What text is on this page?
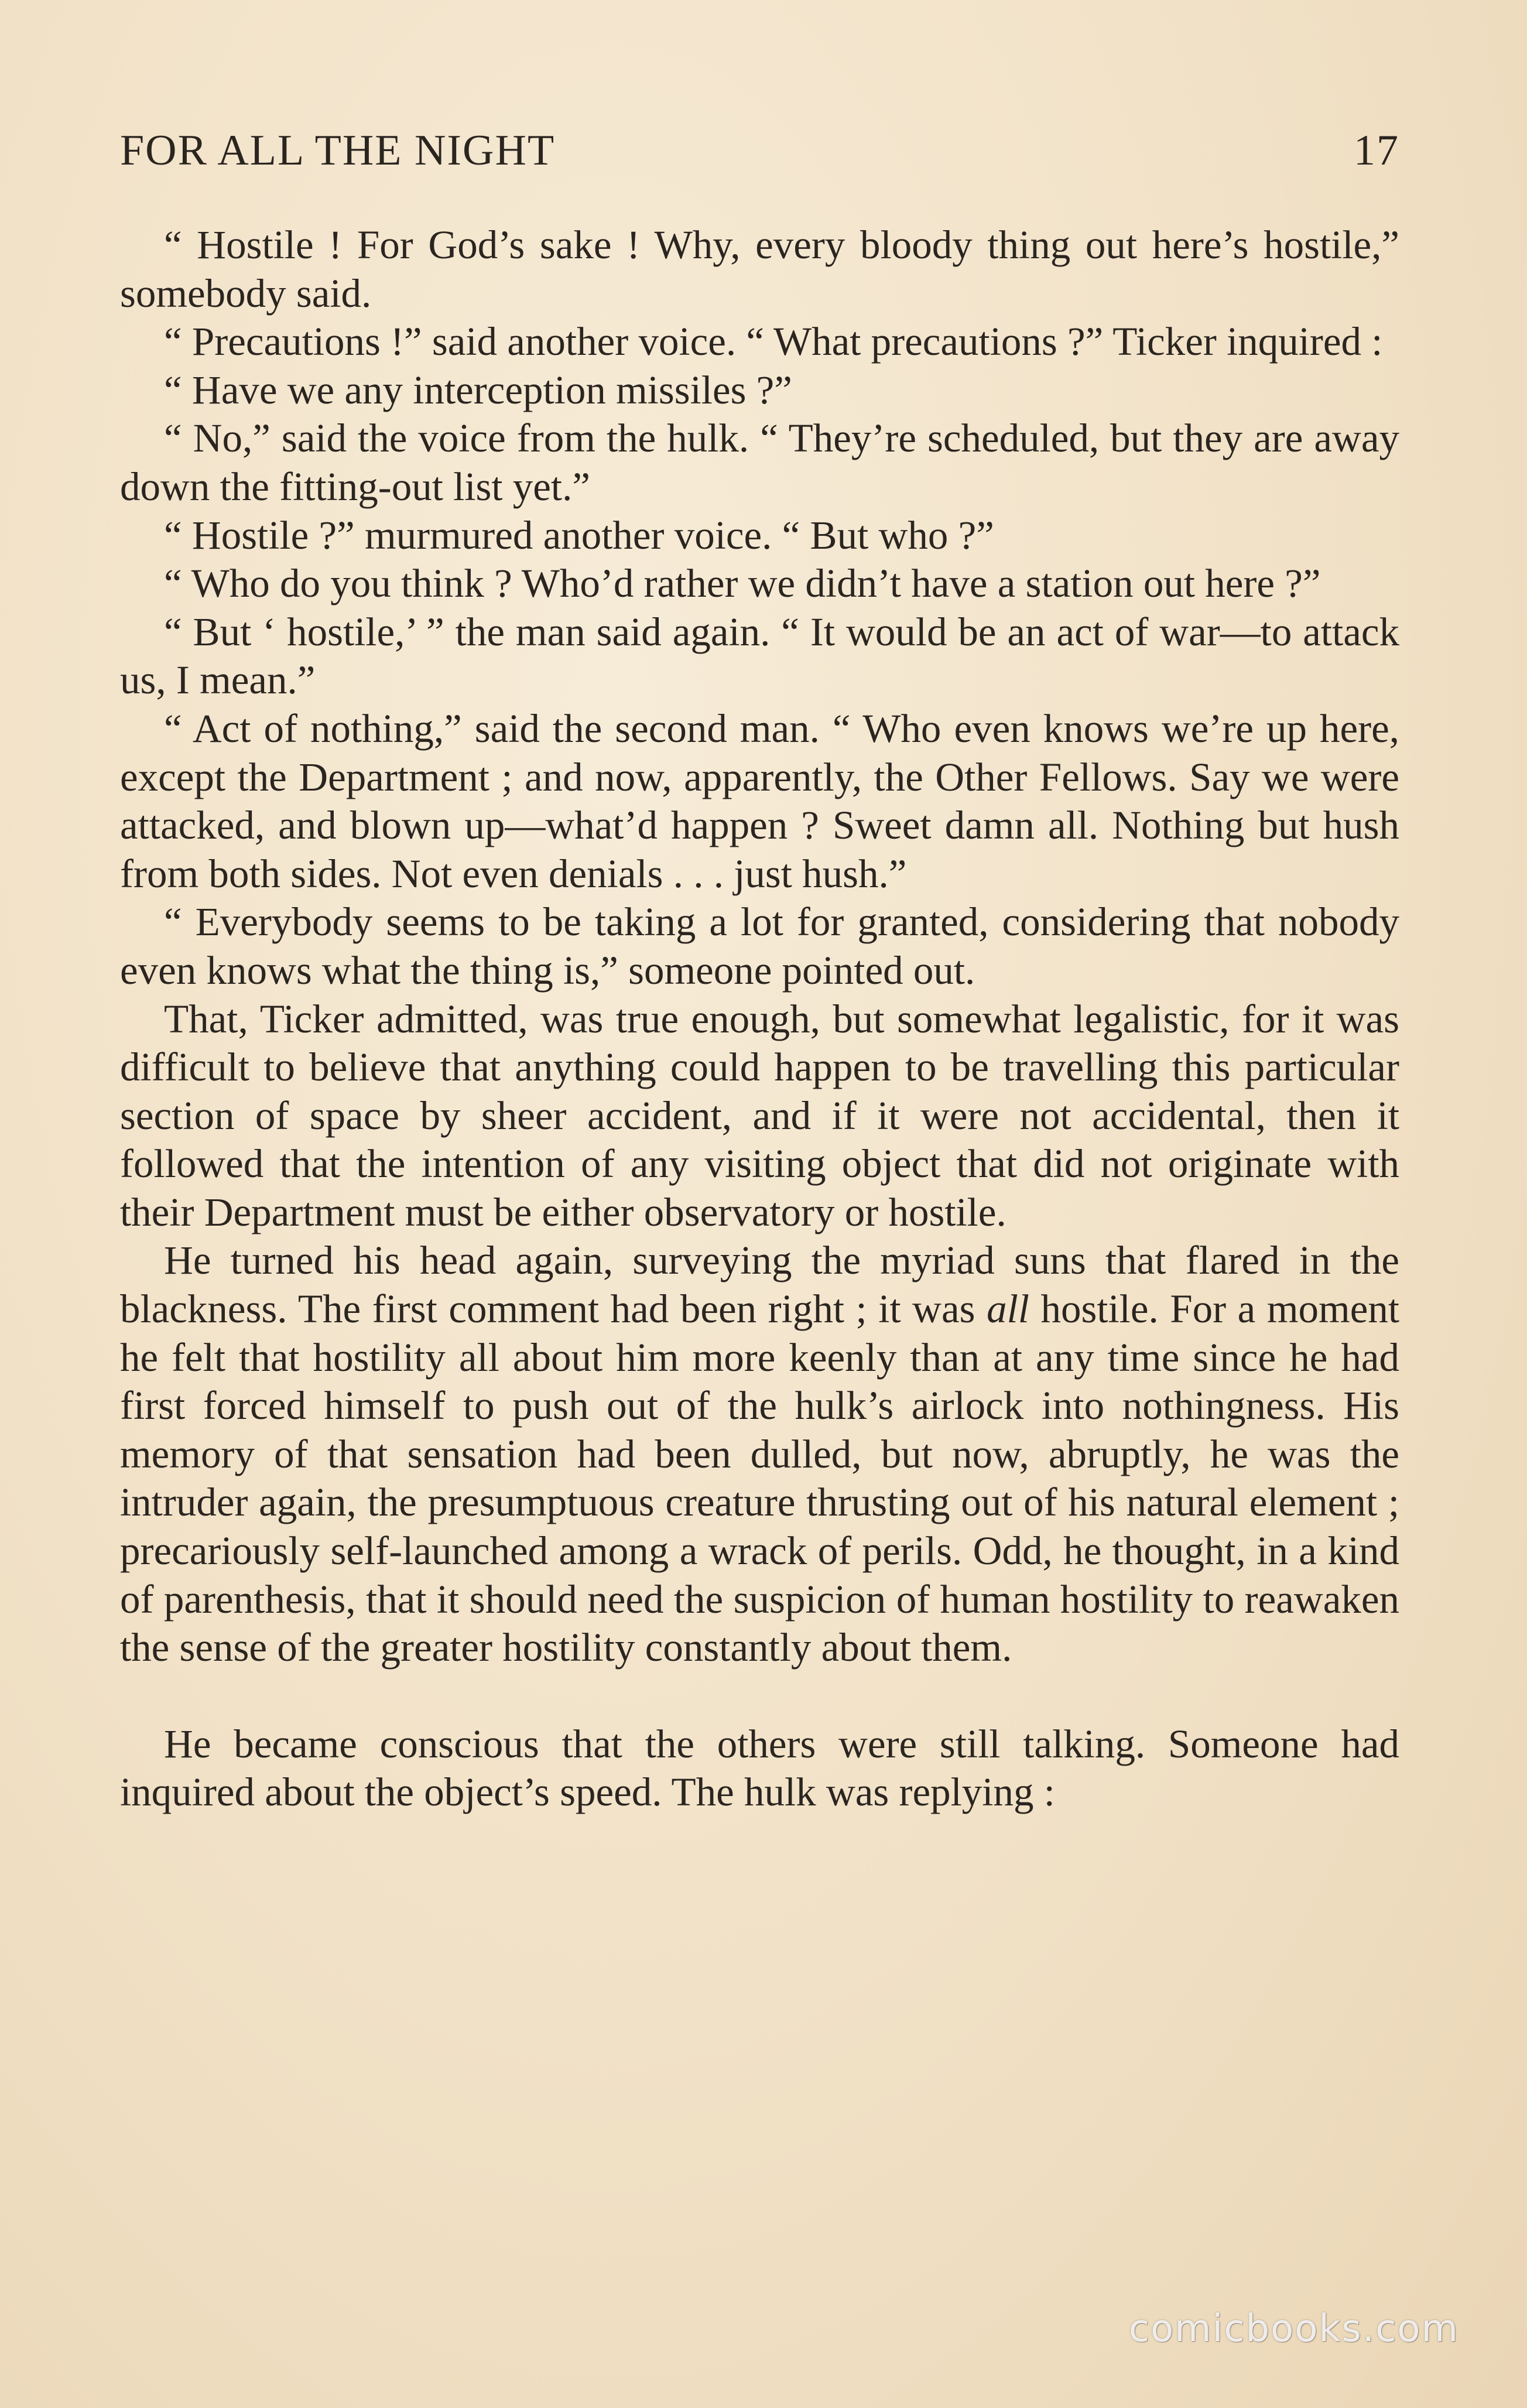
FOR ALL THE NIGHT	17

“ Hostile ! For God’s sake ! Why, every bloody thing out here’s hostile,” somebody said.

“ Precautions !” said another voice. “ What precautions ?” Ticker inquired :

“ Have we any interception missiles ?”

“ No,” said the voice from the hulk. “ They’re scheduled, but they are away down the fitting-out list yet.”

“ Hostile ?” murmured another voice. “ But who ?”

“ Who do you think ? Who’d rather we didn’t have a station out here ?”

“ But ‘ hostile,’ ” the man said again. “ It would be an act of war—to attack us, I mean.”

“ Act of nothing,” said the second man. “ Who even knows we’re up here, except the Department ; and now, apparently, the Other Fellows. Say we were attacked, and blown up—what’d happen ? Sweet damn all. Nothing but hush from both sides. Not even denials . . . just hush.”

“ Everybody seems to be taking a lot for granted, considering that nobody even knows what the thing is,” someone pointed out.

That, Ticker admitted, was true enough, but somewhat legalistic, for it was difficult to believe that anything could happen to be travelling this particular section of space by sheer accident, and if it were not accidental, then it followed that the intention of any visiting object that did not originate with their Department must be either observatory or hostile.

He turned his head again, surveying the myriad suns that flared in the blackness. The first comment had been right ; it was all hostile. For a moment he felt that hostility all about him more keenly than at any time since he had first forced himself to push out of the hulk’s airlock into nothingness. His memory of that sensation had been dulled, but now, abruptly, he was the intruder again, the presumptuous creature thrusting out of his natural element ; precariously self-launched among a wrack of perils. Odd, he thought, in a kind of parenthesis, that it should need the suspicion of human hostility to reawaken the sense of the greater hostility constantly about them.

He became conscious that the others were still talking. Someone had inquired about the object’s speed. The hulk was replying :

comicbooks.com
